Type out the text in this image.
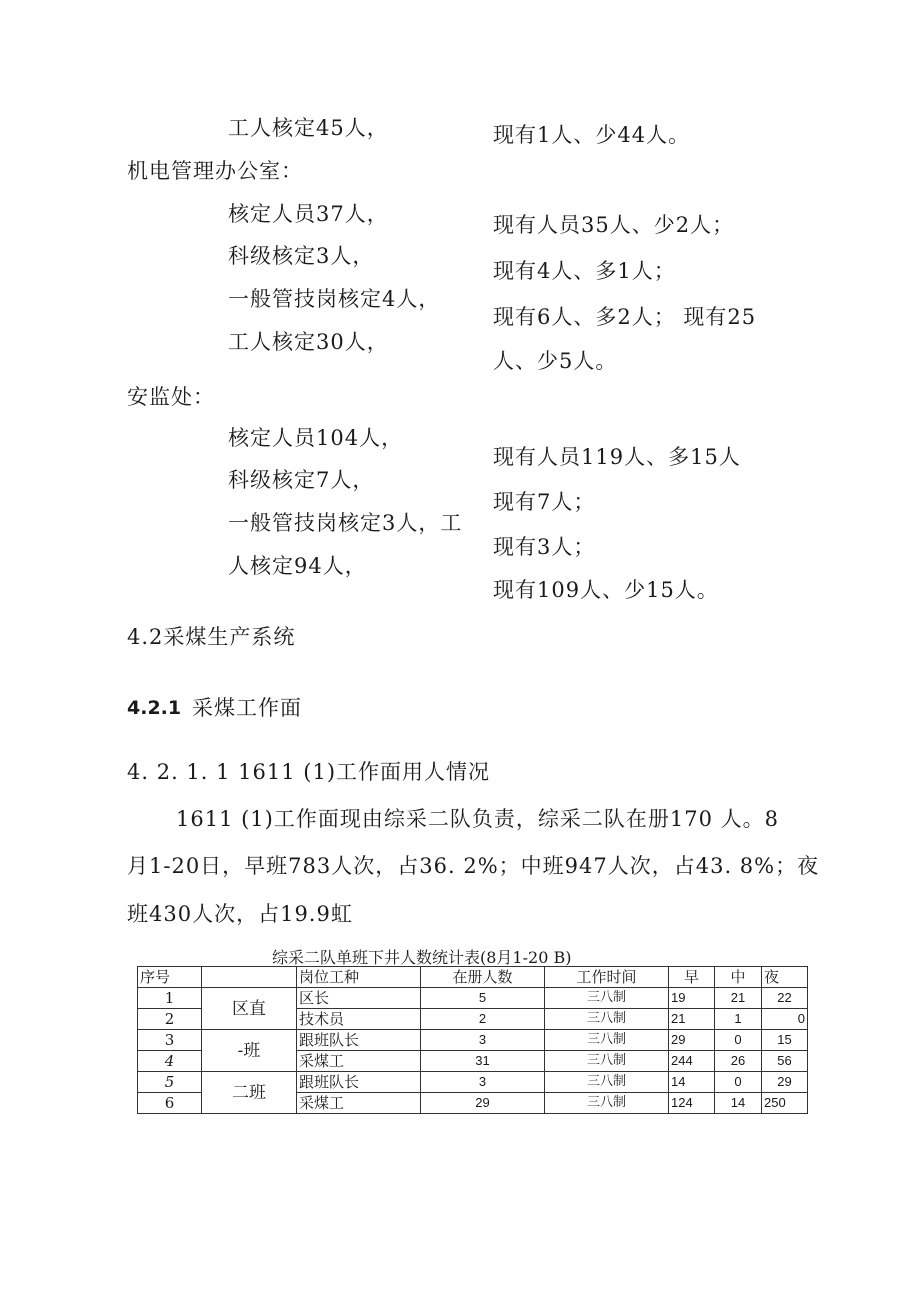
工人核定45人，	现有1人、少44人。
机电管理办公室：
核定人员37人，	现有人员35人、少2人；
科级核定3人，
现有4人、多1人；
一般管技岗核定4人，
现有6人、多2人； 现有25
工人核定30人，
人、少5人。
安监处：
核定人员104人，
现有人员119人、多15人
科级核定7人，
现有7人；
一般管技岗核定3人，工
现有3人；
人核定94人，
现有109人、少15人。
4.2采煤生产系统
4.2.1 采煤工作面
4. 2. 1. 1 1611 (1)工作面用人情况
1611 (1)工作面现由综采二队负责，综采二队在册170 人。8
月1-20日，早班783人次，占36. 2%；中班947人次，占43. 8%；夜
班430人次，占19.9虹
综采二队单班下井人数统计表(8月1-20 B)
序号		岗位工种	在册人数	工作时间	早	中	夜
1	区直	区长	5	三八制	19	21	22
2		技术员	2	三八制	21	1	0
3	-班	跟班队长	3	三八制	29	0	15
4		采煤工	31	三八制	244	26	56
5	二班	跟班队长	3	三八制	14	0	29
6		采煤工	29	三八制	124	14	250
